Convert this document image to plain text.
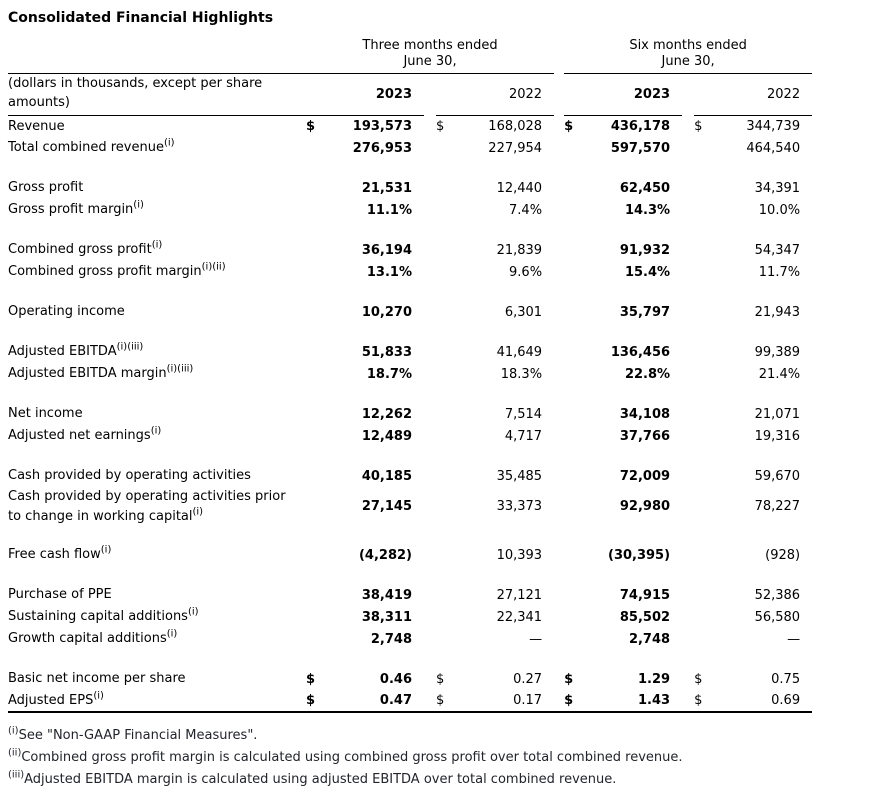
Consolidated Financial Highlights

Three months ended
June 30,

Six months ended
June 30,

(dollars in thousands, except per share amounts)	2023			2022			2023			2022	
Revenue	$	193,573		$	168,028		$	436,178		$	344,739
Total combined revenue$^{(i)}$		276,953			227,954			597,570			464,540

Gross profit		21,531			12,440			62,450			34,391
Gross profit margin$^{(i)}$		11.1%			7.4%			14.3%			10.0%

Combined gross profit$^{(i)}$		36,194			21,839			91,932			54,347
Combined gross profit margin$^{(i)(ii)}$		13.1%			9.6%			15.4%			11.7%

Operating income		10,270			6,301			35,797			21,943

Adjusted EBITDA$^{(i)(iii)}$		51,833			41,649			136,456			99,389
Adjusted EBITDA margin$^{(i)(iii)}$		18.7%			18.3%			22.8%			21.4%

Net income		12,262			7,514			34,108			21,071
Adjusted net earnings$^{(i)}$		12,489			4,717			37,766			19,316

Cash provided by operating activities		40,185			35,485			72,009			59,670
Cash provided by operating activities prior to change in working capital$^{(i)}$		27,145			33,373			92,980			78,227

Free cash flow$^{(i)}$		(4,282)			10,393			(30,395)			(928)

Purchase of PPE		38,419			27,121			74,915			52,386
Sustaining capital additions$^{(i)}$		38,311			22,341			85,502			56,580
Growth capital additions$^{(i)}$		2,748			—			2,748			—

Basic net income per share	$	0.46		$	0.27		$	1.29		$	0.75
Adjusted EPS$^{(i)}$	$	0.47		$	0.17		$	1.43		$	0.69
$^{(i)}$See "Non-GAAP Financial Measures".
$^{(ii)}$Combined gross profit margin is calculated using combined gross profit over total combined revenue.
$^{(iii)}$Adjusted EBITDA margin is calculated using adjusted EBITDA over total combined revenue.
